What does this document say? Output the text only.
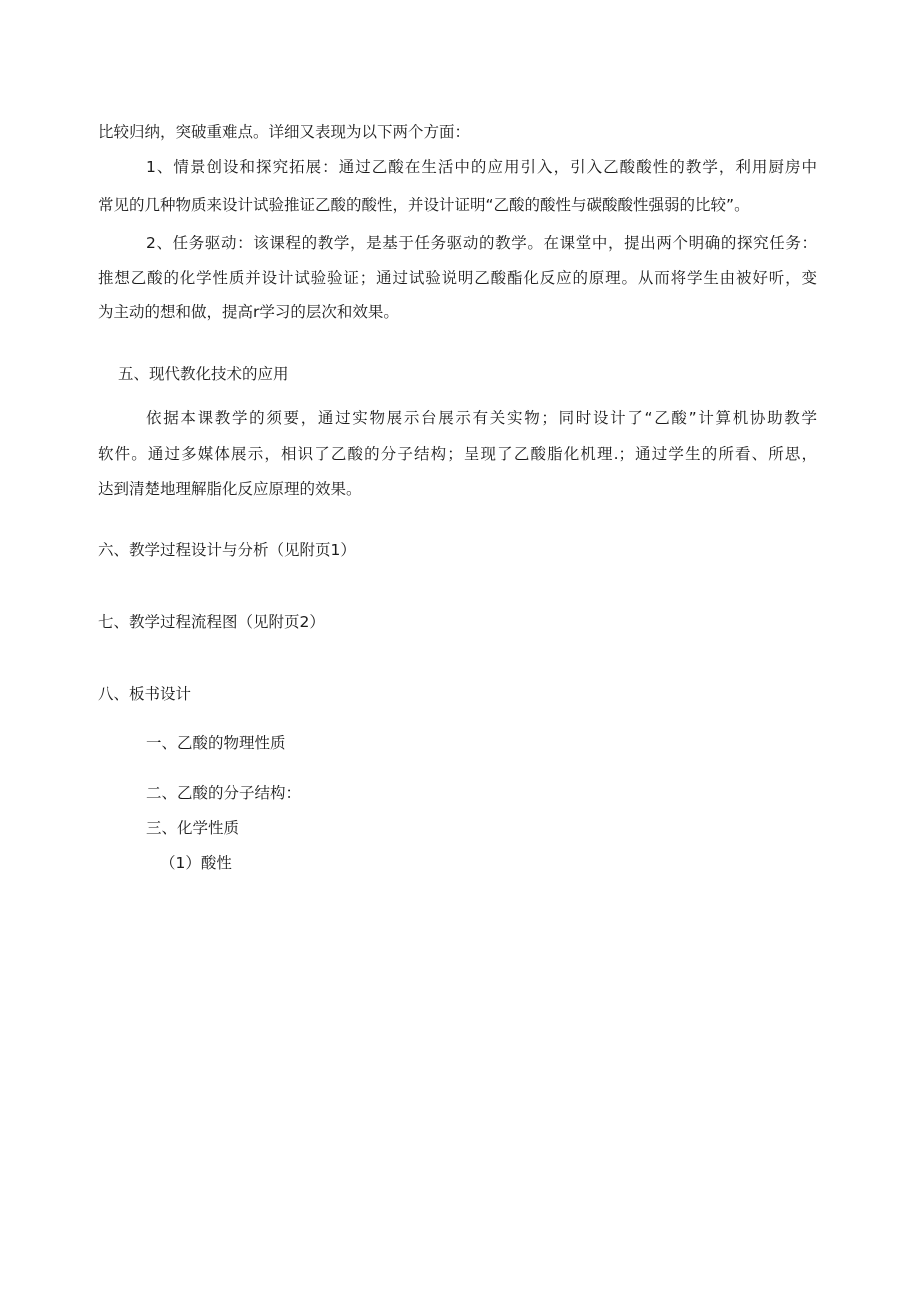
比较归纳，突破重难点。详细又表现为以下两个方面：

1、情景创设和探究拓展：通过乙酸在生活中的应用引入，引入乙酸酸性的教学，利用厨房中

常见的几种物质来设计试验推证乙酸的酸性，并设计证明“乙酸的酸性与碳酸酸性强弱的比较”。

2、任务驱动：该课程的教学，是基于任务驱动的教学。在课堂中，提出两个明确的探究任务：

推想乙酸的化学性质并设计试验验证；通过试验说明乙酸酯化反应的原理。从而将学生由被好听，变

为主动的想和做，提高r学习的层次和效果。

五、现代教化技术的应用

依据本课教学的须要，通过实物展示台展示有关实物；同时设计了“乙酸”计算机协助教学

软件。通过多媒体展示，相识了乙酸的分子结构；呈现了乙酸脂化机理.；通过学生的所看、所思，

达到清楚地理解脂化反应原理的效果。

六、教学过程设计与分析（见附页1）
七、教学过程流程图（见附页2）
八、板书设计

一、乙酸的物理性质

二、乙酸的分子结构：

三、化学性质

（1）酸性
